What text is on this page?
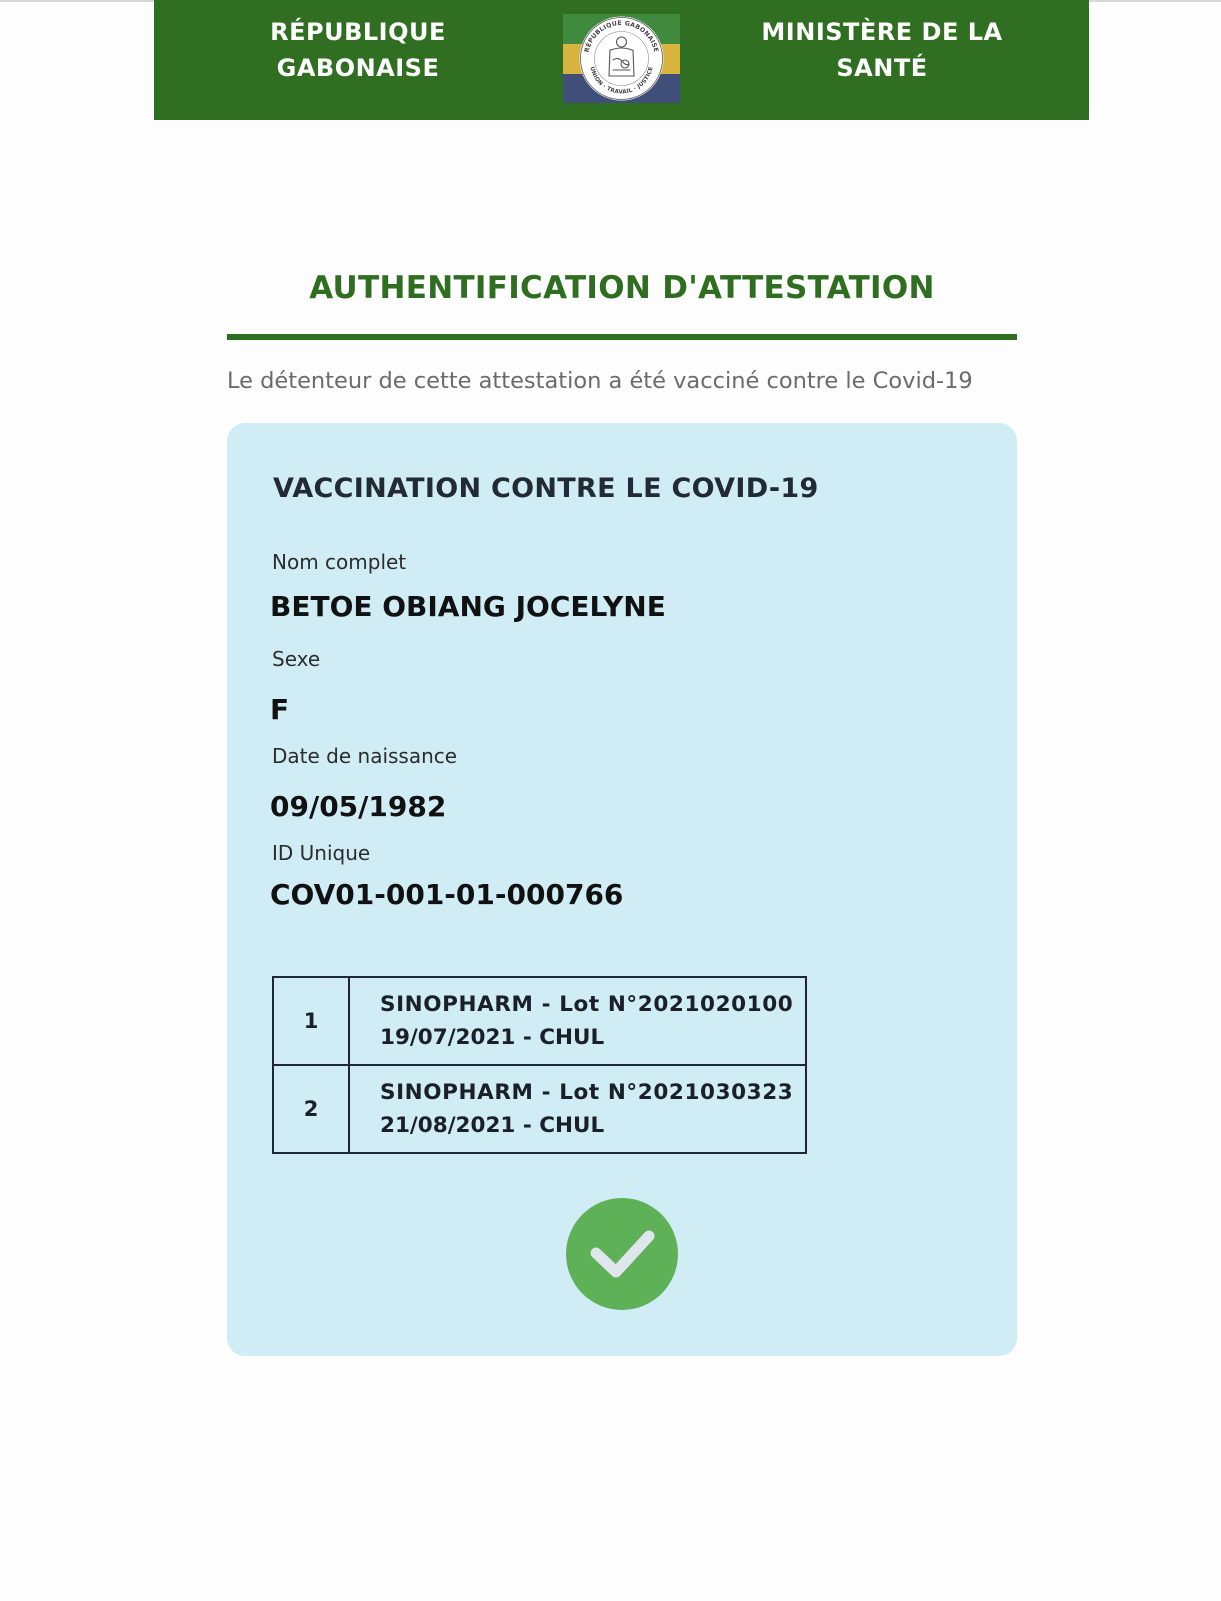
RÉPUBLIQUE
GABONAISE
RÉPUBLIQUE GABONAISE
UNION · TRAVAIL · JUSTICE
MINISTÈRE DE LA
SANTÉ
AUTHENTIFICATION D'ATTESTATION
Le détenteur de cette attestation a été vacciné contre le Covid-19
VACCINATION CONTRE LE COVID-19
Nom complet
BETOE OBIANG JOCELYNE
Sexe
F
Date de naissance
09/05/1982
ID Unique
COV01-001-01-000766
1	SINOPHARM - Lot N°2021020100
19/07/2021 - CHUL

2	SINOPHARM - Lot N°2021030323
21/08/2021 - CHUL
